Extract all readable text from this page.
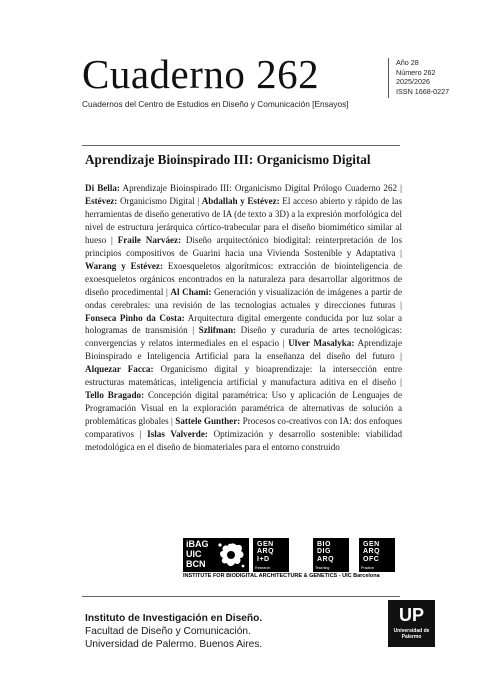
Cuaderno 262
Cuadernos del Centro de Estudios en Diseño y Comunicación [Ensayos]
Año 28
Número 262
2025/2026
ISSN 1668-0227
Aprendizaje Bioinspirado III: Organicismo Digital
Di Bella: Aprendizaje Bioinspirado III: Organicismo Digital Prólogo Cuaderno 262 | Estévez: Organicismo Digital | Abdallah y Estévez: El acceso abierto y rápido de las herramientas de diseño generativo de IA (de texto a 3D) a la expresión morfológica del nivel de estructura jerárquica córtico-trabecular para el diseño biomimético similar al hueso | Fraile Narváez: Diseño arquitectónico biodigital: reinterpretación de los principios compositivos de Guarini hacia una Vivienda Sostenible y Adaptativa | Warang y Estévez: Exoesqueletos algorítmicos: extracción de biointeligencia de exoesqueletos orgánicos encontrados en la naturaleza para desarrollar algoritmos de diseño procedimental | Al Chami: Generación y visualización de imágenes a partir de ondas cerebrales: una revisión de las tecnologías actuales y direcciones futuras | Fonseca Pinho da Costa: Arquitectura digital emergente conducida por luz solar a hologramas de transmisión | Szlifman: Diseño y curaduría de artes tecnológicas: convergencias y relatos intermediales en el espacio | Ulver Masalyka: Aprendizaje Bioinspirado e Inteligencia Artificial para la enseñanza del diseño del futuro | Alquezar Facca: Organicismo digital y bioaprendizaje: la intersección entre estructuras matemáticas, inteligencia artificial y manufactura aditiva en el diseño | Tello Bragado: Concepción digital paramétrica: Uso y aplicación de Lenguajes de Programación Visual en la exploración paramétrica de alternativas de solución a problemáticas globales | Sattele Gunther: Procesos co-creativos con IA: dos enfoques comparativos | Islas Valverde: Optimización y desarrollo sostenible: viabilidad metodológica en el diseño de biomateriales para el entorno construido
iBAG
UIC
BCN
GEN
ARQ
I+D
Research
BIO
DIG
ARQ
Teaching
GEN
ARQ
OFC
Practice
INSTITUTE FOR BIODIGITAL ARCHITECTURE & GENETICS - UIC Barcelona
Instituto de Investigación en Diseño.
Facultad de Diseño y Comunicación.
Universidad de Palermo. Buenos Aires.
UP
Universidad de Palermo
